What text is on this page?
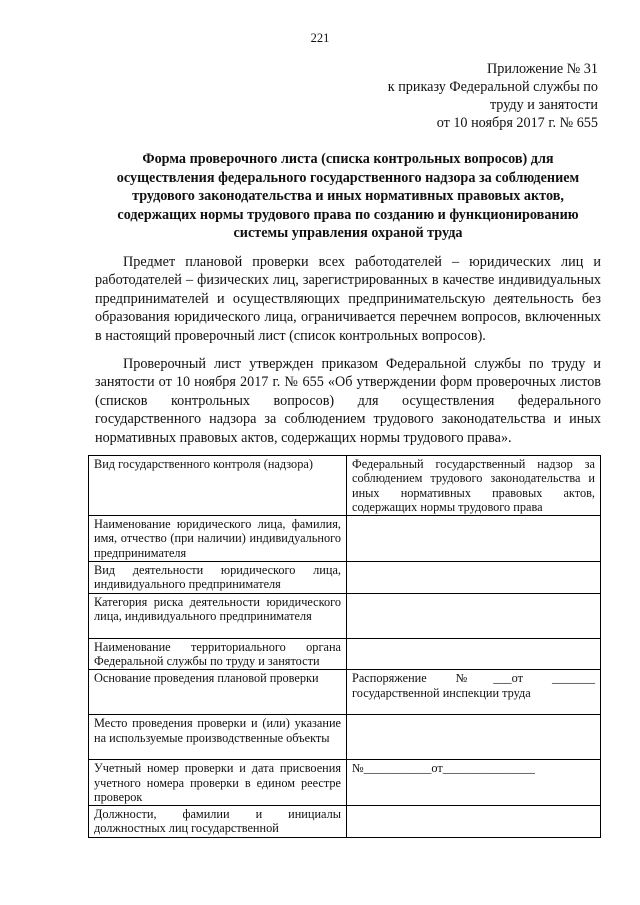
221
Приложение № 31
к приказу Федеральной службы по
труду и занятости
от 10 ноября 2017 г. № 655
Форма проверочного листа (списка контрольных вопросов) для осуществления федерального государственного надзора за соблюдением трудового законодательства и иных нормативных правовых актов, содержащих нормы трудового права по созданию и функционированию системы управления охраной труда

Предмет плановой проверки всех работодателей – юридических лиц и работодателей – физических лиц, зарегистрированных в качестве индивидуальных предпринимателей и осуществляющих предпринимательскую деятельность без образования юридического лица, ограничивается перечнем вопросов, включенных в настоящий проверочный лист (список контрольных вопросов).

Проверочный лист утвержден приказом Федеральной службы по труду и занятости от 10 ноября 2017 г. № 655 «Об утверждении форм проверочных листов (списков контрольных вопросов) для осуществления федерального государственного надзора за соблюдением трудового законодательства и иных нормативных правовых актов, содержащих нормы трудового права».

Вид государственного контроля (надзора)	Федеральный государственный надзор за соблюдением трудового законодательства и иных нормативных правовых актов, содержащих нормы трудового права
Наименование юридического лица, фамилия, имя, отчество (при наличии) индивидуального предпринимателя	
Вид деятельности юридического лица, индивидуального предпринимателя	
Категория риска деятельности юридического лица, индивидуального предпринимателя	
Наименование территориального органа Федеральной службы по труду и занятости	
Основание проведения плановой проверки	Распоряжение №___от _______ государственной инспекции труда
Место проведения проверки и (или) указание на используемые производственные объекты	
Учетный номер проверки и дата присвоения учетного номера проверки в едином реестре проверок	№___________от_______________
Должности, фамилии и инициалы должностных лиц государственной	
